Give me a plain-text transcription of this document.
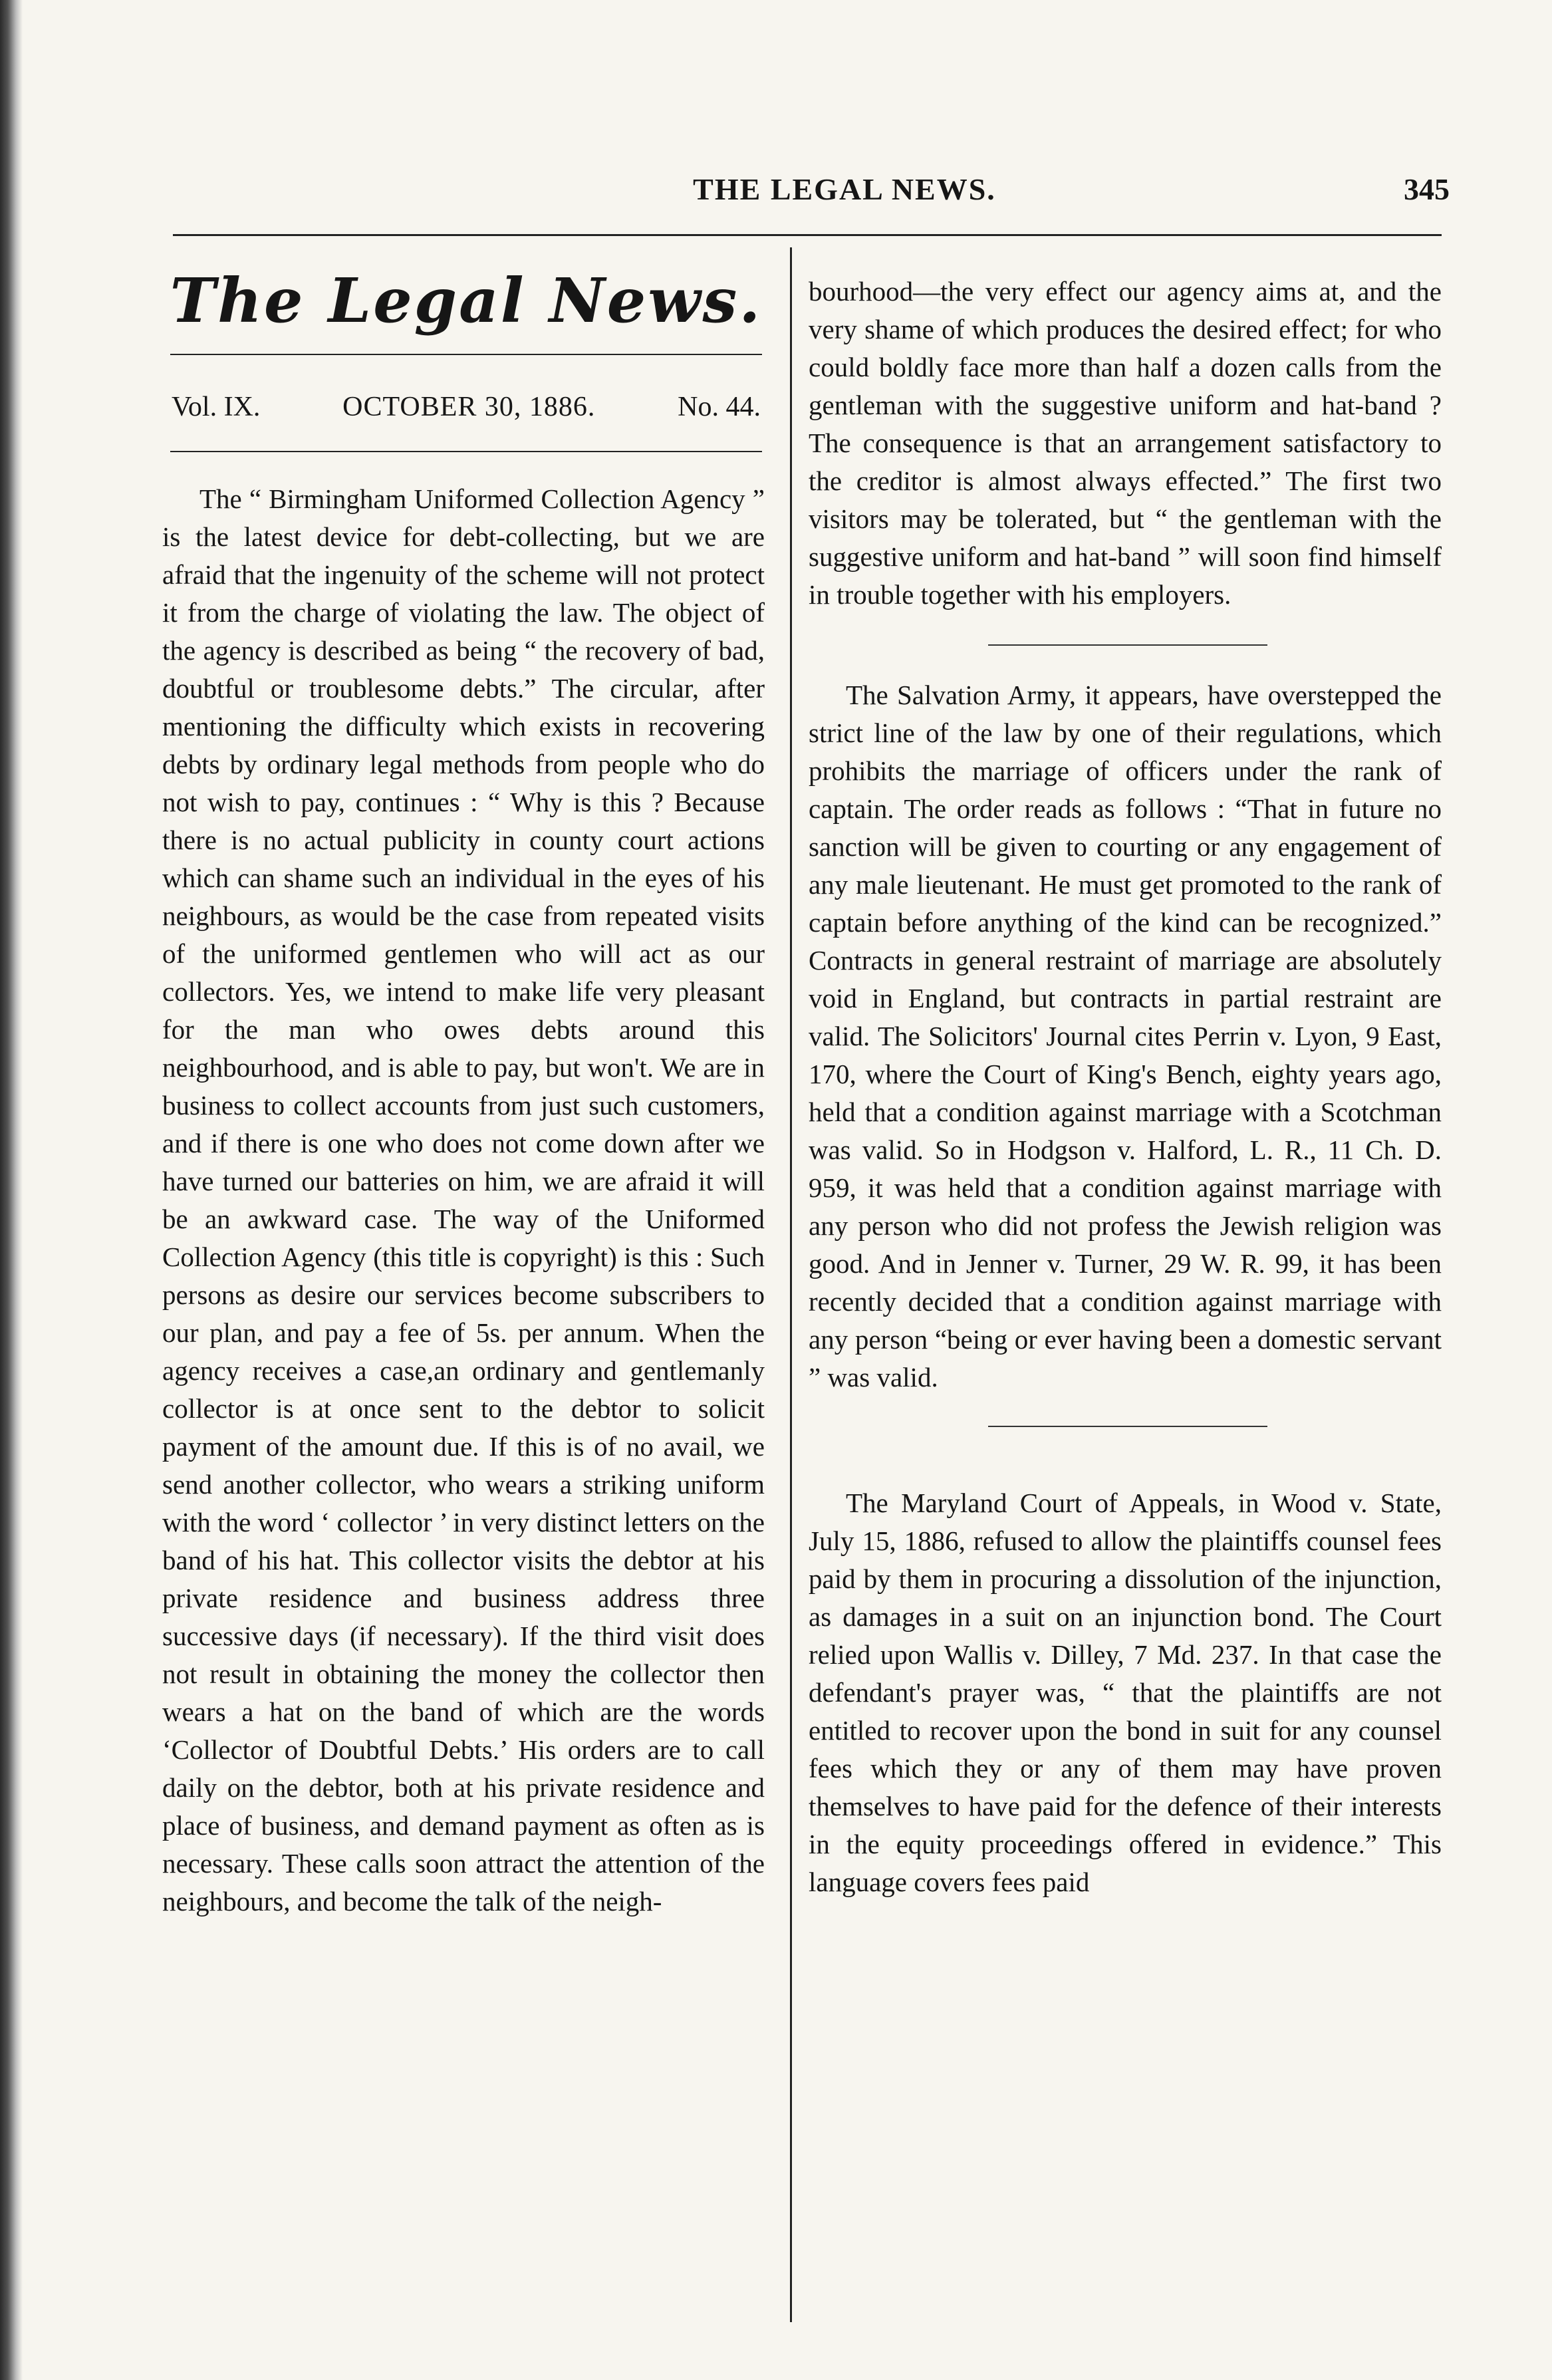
THE LEGAL NEWS.	345
The Legal News.
Vol. IX.	OCTOBER 30, 1886.	No. 44.

The “ Birmingham Uniformed Collection Agency ” is the latest device for debt-collecting, but we are afraid that the ingenuity of the scheme will not protect it from the charge of violating the law. The object of the agency is described as being “ the recovery of bad, doubtful or troublesome debts.” The circular, after mentioning the difficulty which exists in recovering debts by ordinary legal methods from people who do not wish to pay, continues : “ Why is this ? Because there is no actual publicity in county court actions which can shame such an individual in the eyes of his neighbours, as would be the case from repeated visits of the uniformed gentlemen who will act as our collectors. Yes, we intend to make life very pleasant for the man who owes debts around this neighbourhood, and is able to pay, but won't. We are in business to collect accounts from just such customers, and if there is one who does not come down after we have turned our batteries on him, we are afraid it will be an awkward case. The way of the Uniformed Collection Agency (this title is copyright) is this : Such persons as desire our services become subscribers to our plan, and pay a fee of 5s. per annum. When the agency receives a case,an ordinary and gentlemanly collector is at once sent to the debtor to solicit payment of the amount due. If this is of no avail, we send another collector, who wears a striking uniform with the word ‘ collector ’ in very distinct letters on the band of his hat. This collector visits the debtor at his private residence and business address three successive days (if necessary). If the third visit does not result in obtaining the money the collector then wears a hat on the band of which are the words ‘Collector of Doubtful Debts.’ His orders are to call daily on the debtor, both at his private residence and place of business, and demand payment as often as is necessary. These calls soon attract the attention of the neighbours, and become the talk of the neigh-

bourhood—the very effect our agency aims at, and the very shame of which produces the desired effect; for who could boldly face more than half a dozen calls from the gentleman with the suggestive uniform and hat-band ? The consequence is that an arrangement satisfactory to the creditor is almost always effected.” The first two visitors may be tolerated, but “ the gentleman with the suggestive uniform and hat-band ” will soon find himself in trouble together with his employers.

The Salvation Army, it appears, have overstepped the strict line of the law by one of their regulations, which prohibits the marriage of officers under the rank of captain. The order reads as follows : “That in future no sanction will be given to courting or any engagement of any male lieutenant. He must get promoted to the rank of captain before anything of the kind can be recognized.” Contracts in general restraint of marriage are absolutely void in England, but contracts in partial restraint are valid. The Solicitors' Journal cites Perrin v. Lyon, 9 East, 170, where the Court of King's Bench, eighty years ago, held that a condition against marriage with a Scotchman was valid. So in Hodgson v. Halford, L. R., 11 Ch. D. 959, it was held that a condition against marriage with any person who did not profess the Jewish religion was good. And in Jenner v. Turner, 29 W. R. 99, it has been recently decided that a condition against marriage with any person “being or ever having been a domestic servant ” was valid.

The Maryland Court of Appeals, in Wood v. State, July 15, 1886, refused to allow the plaintiffs counsel fees paid by them in procuring a dissolution of the injunction, as damages in a suit on an injunction bond. The Court relied upon Wallis v. Dilley, 7 Md. 237. In that case the defendant's prayer was, “ that the plaintiffs are not entitled to recover upon the bond in suit for any counsel fees which they or any of them may have proven themselves to have paid for the defence of their interests in the equity proceedings offered in evidence.” This language covers fees paid
